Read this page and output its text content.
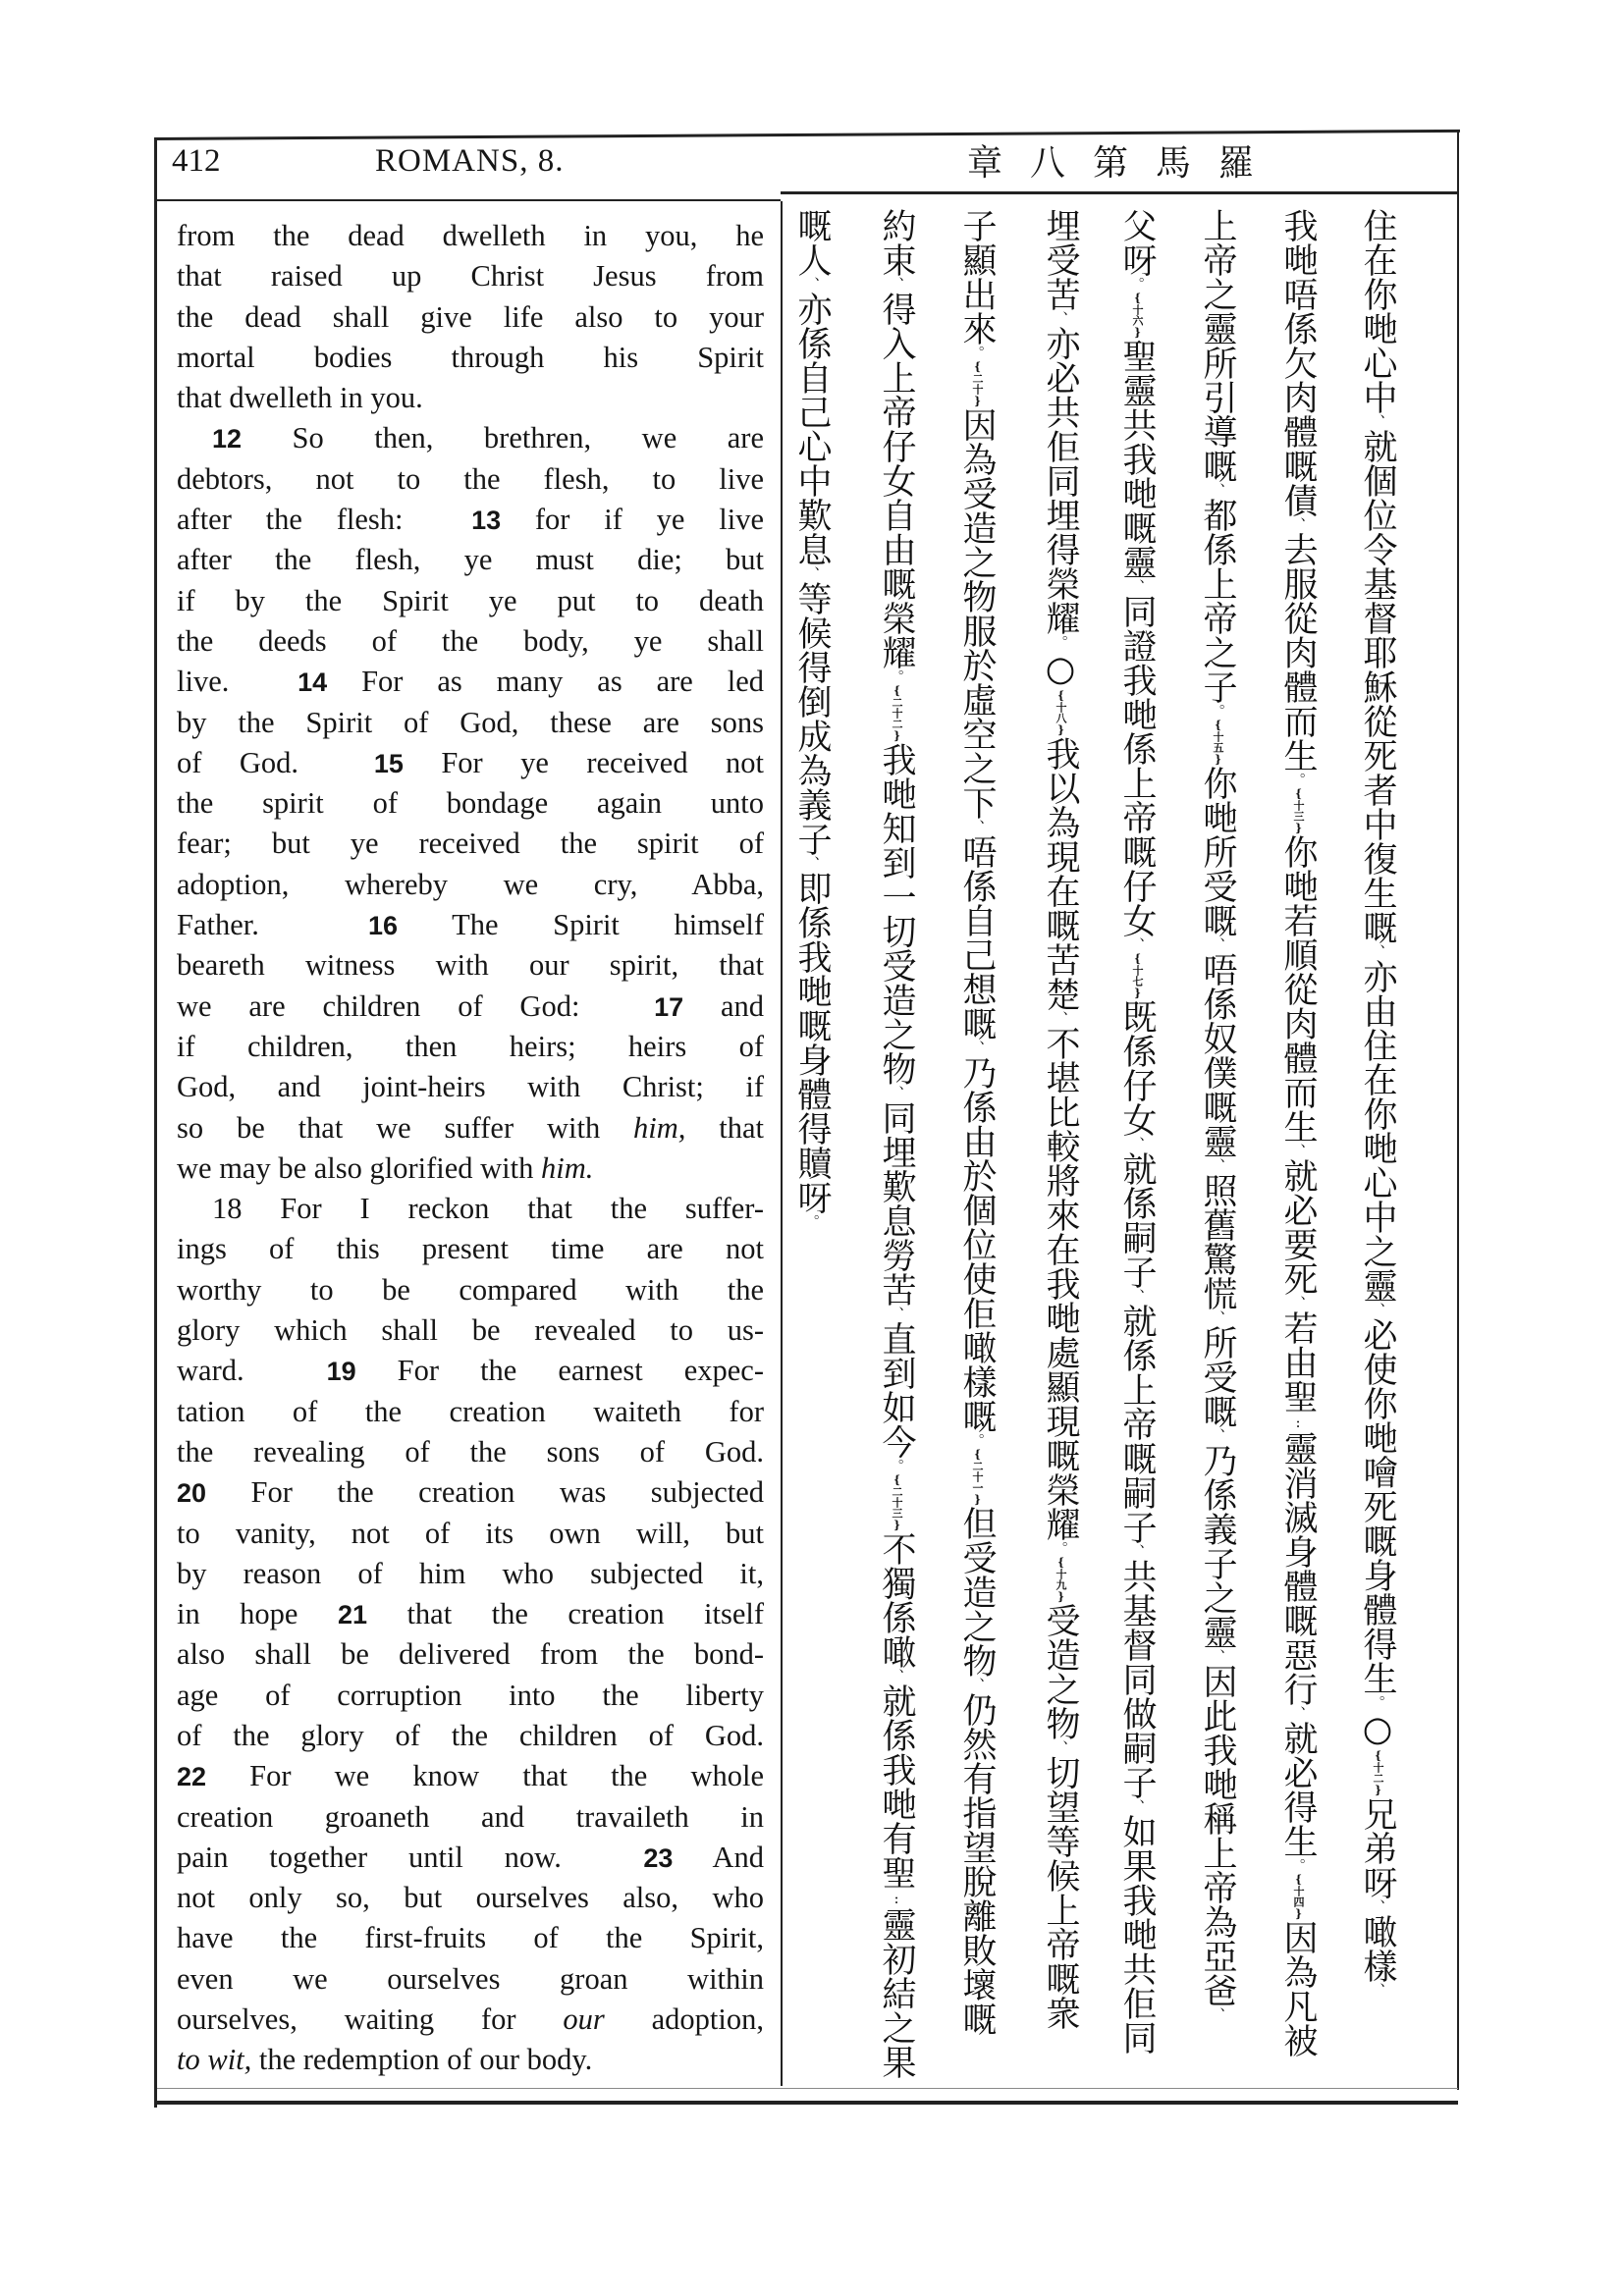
412	ROMANS, 8.	章八第馬羅
from the dead dwelleth in you, he
that raised up Christ Jesus from
the dead shall give life also to your
mortal bodies through his Spirit
that dwelleth in you.
12 So then, brethren, we are
debtors, not to the flesh, to live
after the flesh:  13 for if ye live
after the flesh, ye must die; but
if by the Spirit ye put to death
the deeds of the body, ye shall
live.  14 For as many as are led
by the Spirit of God, these are sons
of God.  15 For ye received not
the spirit of bondage again unto
fear; but ye received the spirit of
adoption, whereby we cry, Abba,
Father.  16 The Spirit himself
beareth witness with our spirit, that
we are children of God:  17 and
if children, then heirs; heirs of
God, and joint-heirs with Christ; if
so be that we suffer with him, that
we may be also glorified with him.
18 For I reckon that the suffer-
ings of this present time are not
worthy to be compared with the
glory which shall be revealed to us-
ward.  19 For the earnest expec-
tation of the creation waiteth for
the revealing of the sons of God.
20 For the creation was subjected
to vanity, not of its own will, but
by reason of him who subjected it,
in hope 21 that the creation itself
also shall be delivered from the bond-
age of corruption into the liberty
of the glory of the children of God.
22 For we know that the whole
creation groaneth and travaileth in
pain together until now.  23 And
not only so, but ourselves also, who
have the first-fruits of the Spirit,
even we ourselves groan within
ourselves, waiting for our adoption,
to wit, the redemption of our body.
住在你哋心中、就個位令基督耶穌從死者中復生嘅、亦由住在你哋心中之靈、必使你哋噲死嘅身體得生。○{十二}兄弟呀、噉樣、
我哋唔係欠肉體嘅債、去服從肉體而生。{十三}你哋若順從肉體而生、就必要死、若由聖:靈消滅身體嘅惡行、就必得生。{十四}因為凡被
上帝之靈所引導嘅、都係上帝之子。{十五}你哋所受嘅、唔係奴僕嘅靈、照舊驚慌、所受嘅、乃係義子之靈、因此我哋稱上帝為亞爸、
父呀。{十六}聖靈共我哋嘅靈、同證我哋係上帝嘅仔女、{十七}既係仔女、就係嗣子、就係上帝嘅嗣子、共基督同做嗣子、如果我哋共佢同
埋受苦、亦必共佢同埋得榮耀。○{十八}我以為現在嘅苦楚、不堪比較將來在我哋處顯現嘅榮耀。{十九}受造之物、切望等候上帝嘅衆
子顯出來。{二十}因為受造之物服於虛空之下、唔係自己想嘅、乃係由於個位使佢噉樣嘅。{二十一}但受造之物、仍然有指望脫離敗壞嘅
約束、得入上帝仔女自由嘅榮耀。{二十二}我哋知到一切受造之物、同埋歎息勞苦、直到如今。{二十三}不獨係噉、就係我哋有聖:靈初結之果
嘅人、亦係自己心中歎息、等候得倒成為義子、即係我哋嘅身體得贖呀。
